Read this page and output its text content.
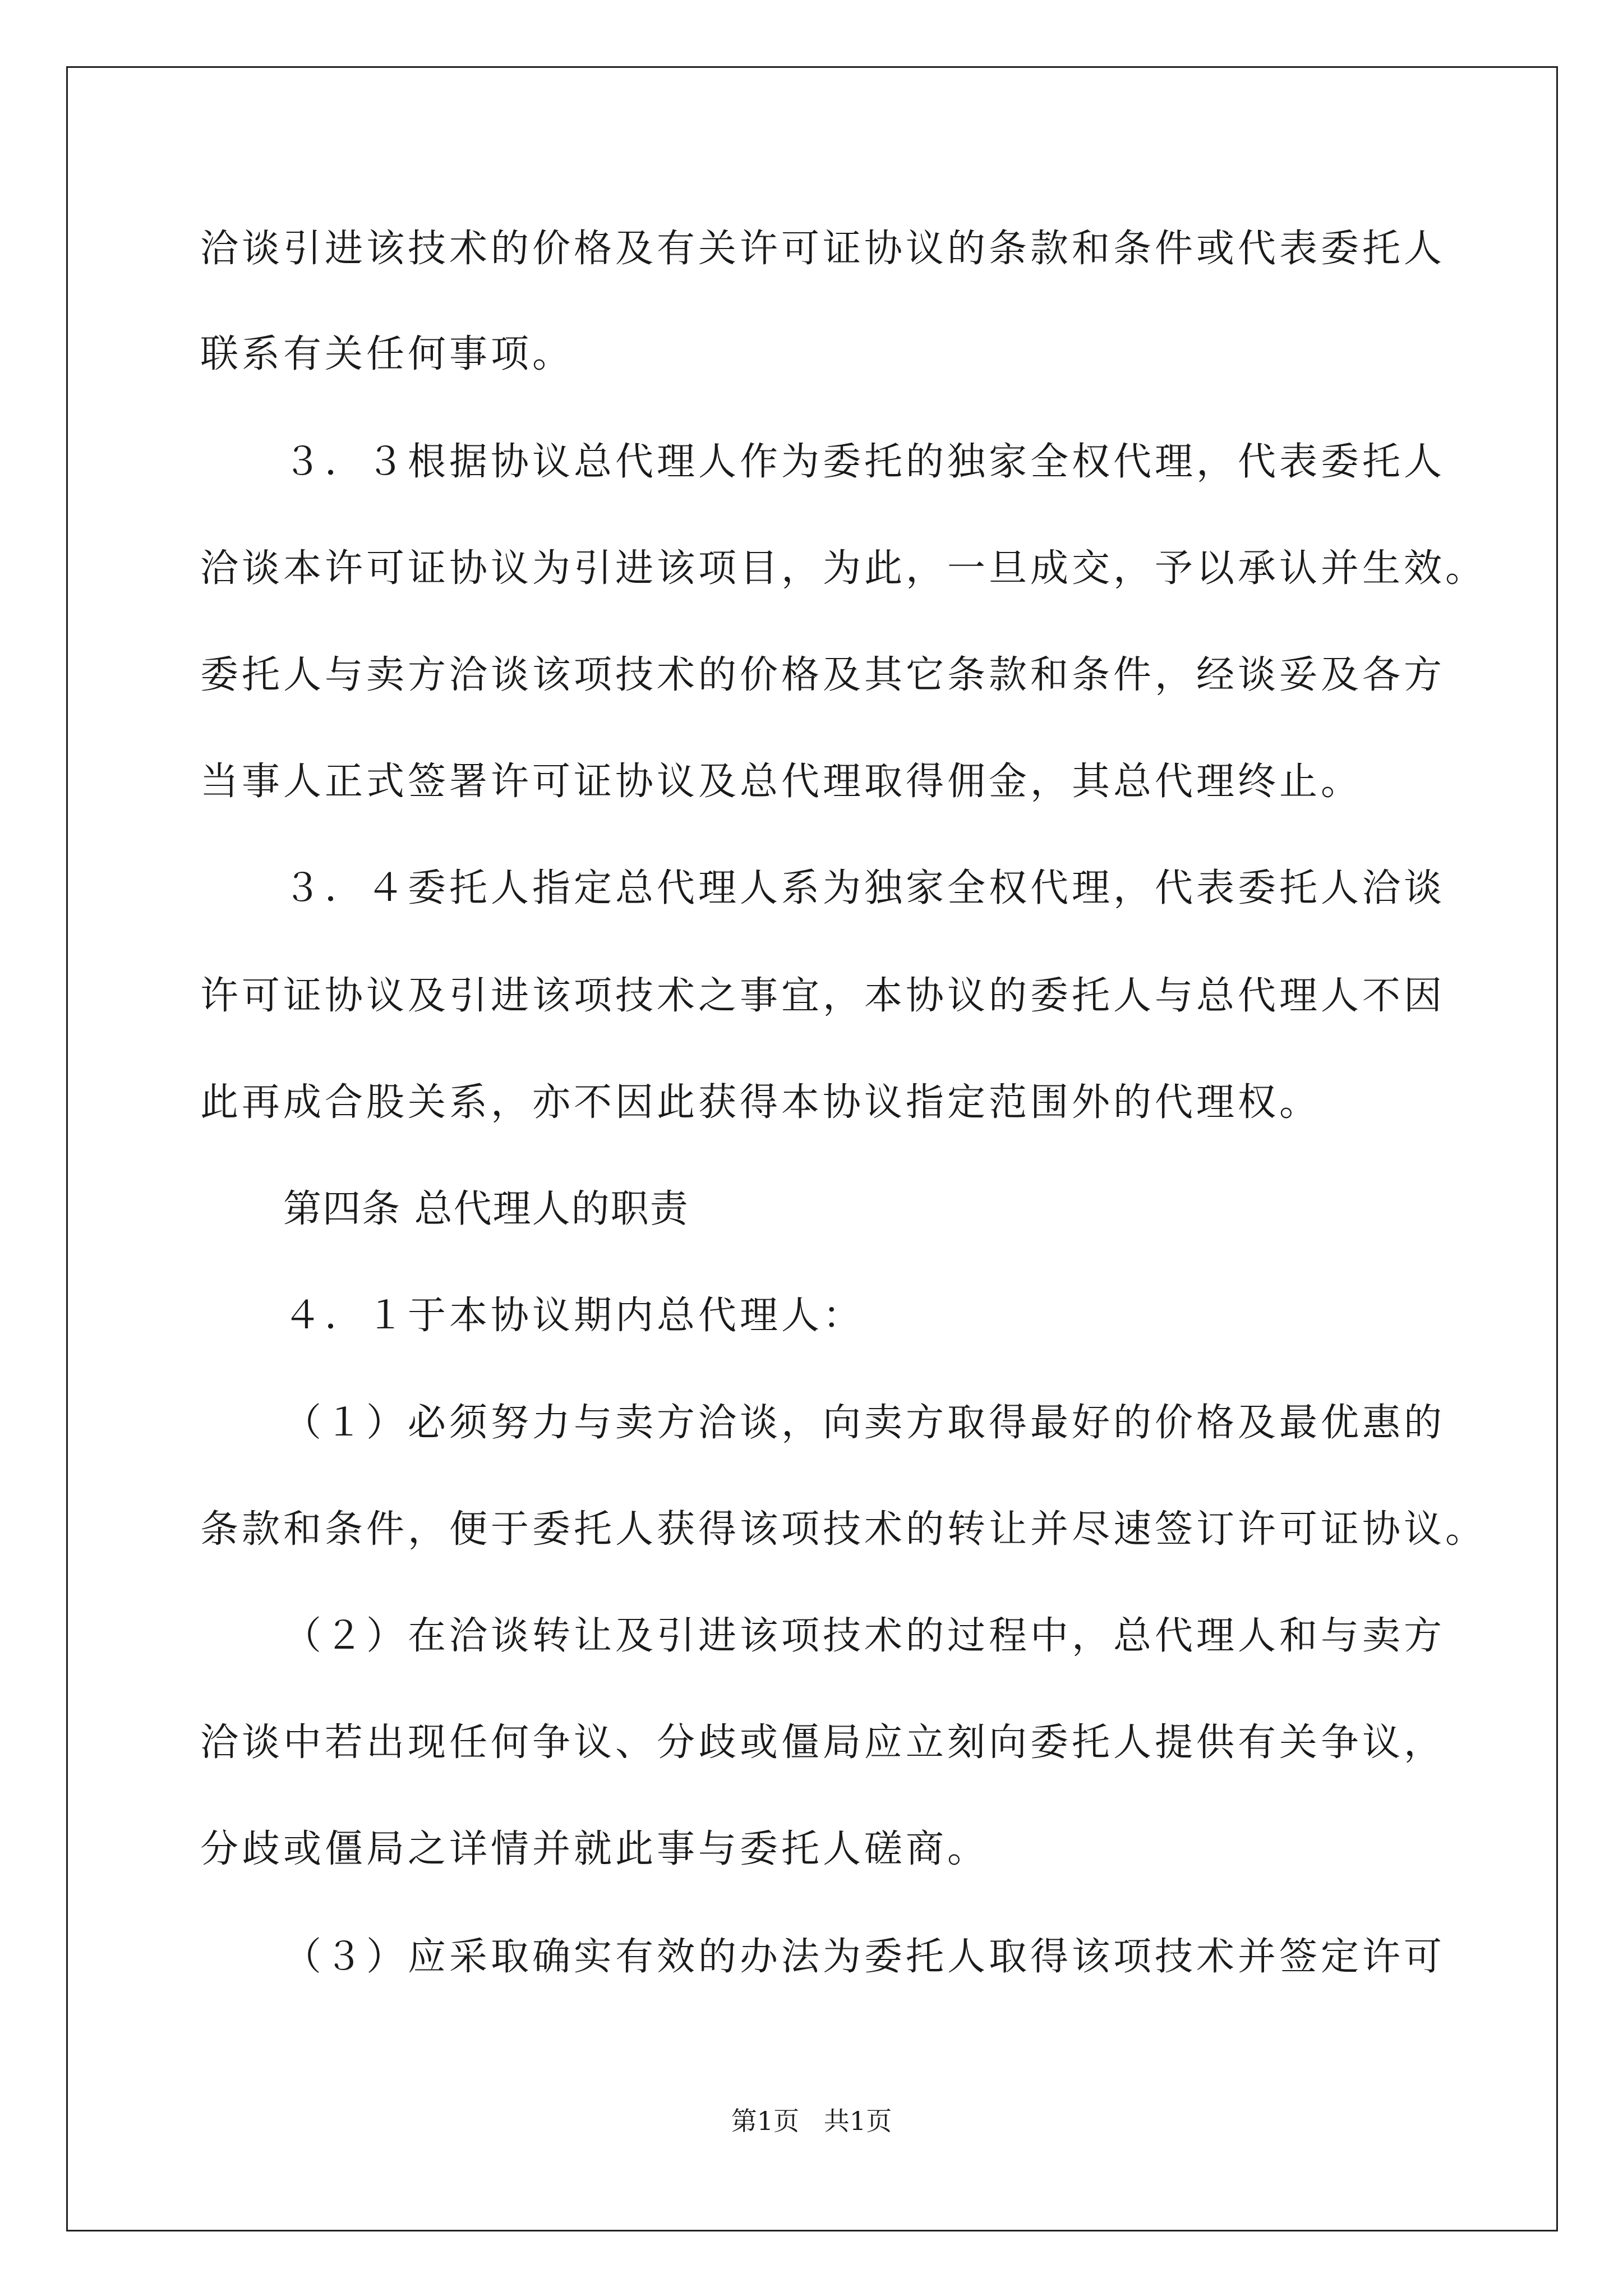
洽谈引进该技术的价格及有关许可证协议的条款和条件或代表委托人
联系有关任何事项。
３．３根据协议总代理人作为委托的独家全权代理，代表委托人
洽谈本许可证协议为引进该项目，为此，一旦成交，予以承认并生效。
委托人与卖方洽谈该项技术的价格及其它条款和条件，经谈妥及各方
当事人正式签署许可证协议及总代理取得佣金，其总代理终止。
３．４委托人指定总代理人系为独家全权代理，代表委托人洽谈
许可证协议及引进该项技术之事宜，本协议的委托人与总代理人不因
此再成合股关系，亦不因此获得本协议指定范围外的代理权。
第四条 总代理人的职责
４．１于本协议期内总代理人：
（１）必须努力与卖方洽谈，向卖方取得最好的价格及最优惠的
条款和条件，便于委托人获得该项技术的转让并尽速签订许可证协议。
（２）在洽谈转让及引进该项技术的过程中，总代理人和与卖方
洽谈中若出现任何争议、分歧或僵局应立刻向委托人提供有关争议，
分歧或僵局之详情并就此事与委托人磋商。
（３）应采取确实有效的办法为委托人取得该项技术并签定许可
第1页   共1页
